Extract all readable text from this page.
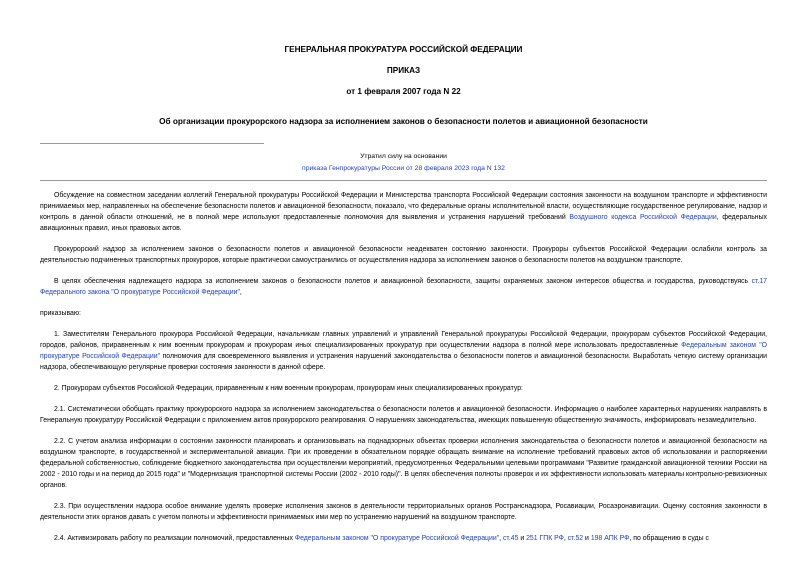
ГЕНЕРАЛЬНАЯ ПРОКУРАТУРА РОССИЙСКОЙ ФЕДЕРАЦИИ
ПРИКАЗ
от 1 февраля 2007 года N 22
Об организации прокурорского надзора за исполнением законов о безопасности полетов и авиационной безопасности
Утратил силу на основании
приказа Генпрокуратуры России от 28 февраля 2023 года N 132

Обсуждение на совместном заседании коллегий Генеральной прокуратуры Российской Федерации и Министерства транспорта Российской Федерации состояния законности на воздушном транспорте и эффективности принимаемых мер, направленных на обеспечение безопасности полетов и авиационной безопасности, показало, что федеральные органы исполнительной власти, осуществляющие государственное регулирование, надзор и контроль в данной области отношений, не в полной мере используют предоставленные полномочия для выявления и устранения нарушений требований Воздушного кодекса Российской Федерации, федеральных авиационных правил, иных правовых актов.

Прокурорский надзор за исполнением законов о безопасности полетов и авиационной безопасности неадекватен состоянию законности. Прокуроры субъектов Российской Федерации ослабили контроль за деятельностью подчиненных транспортных прокуроров, которые практически самоустранились от осуществления надзора за исполнением законов о безопасности полетов на воздушном транспорте.

В целях обеспечения надлежащего надзора за исполнением законов о безопасности полетов и авиационной безопасности, защиты охраняемых законом интересов общества и государства, руководствуясь ст.17 Федерального закона "О прокуратуре Российской Федерации",

приказываю:

1. Заместителям Генерального прокурора Российской Федерации, начальникам главных управлений и управлений Генеральной прокуратуры Российской Федерации, прокурорам субъектов Российской Федерации, городов, районов, приравненным к ним военным прокурорам и прокурорам иных специализированных прокуратур при осуществлении надзора в полной мере использовать предоставленные Федеральным законом "О прокуратуре Российской Федерации" полномочия для своевременного выявления и устранения нарушений законодательства о безопасности полетов и авиационной безопасности. Выработать четкую систему организации надзора, обеспечивающую регулярные проверки состояния законности в данной сфере.

2. Прокурорам субъектов Российской Федерации, приравненным к ним военным прокурорам, прокурорам иных специализированных прокуратур:

2.1. Систематически обобщать практику прокурорского надзора за исполнением законодательства о безопасности полетов и авиационной безопасности. Информацию о наиболее характерных нарушениях направлять в Генеральную прокуратуру Российской Федерации с приложением актов прокурорского реагирования. О нарушениях законодательства, имеющих повышенную общественную значимость, информировать незамедлительно.

2.2. С учетом анализа информации о состоянии законности планировать и организовывать на поднадзорных объектах проверки исполнения законодательства о безопасности полетов и авиационной безопасности на воздушном транспорте, в государственной и экспериментальной авиации. При их проведении в обязательном порядке обращать внимание на исполнение требований правовых актов об использовании и распоряжении федеральной собственностью, соблюдение бюджетного законодательства при осуществлении мероприятий, предусмотренных Федеральными целевыми программами "Развитие гражданской авиационной техники России на 2002 - 2010 годы и на период до 2015 года" и "Модернизация транспортной системы России (2002 - 2010 годы)". В целях обеспечения полноты проверок и их эффективности использовать материалы контрольно-ревизионных органов.

2.3. При осуществлении надзора особое внимание уделять проверке исполнения законов в деятельности территориальных органов Ространснадзора, Росавиации, Росаэронавигации. Оценку состояния законности в деятельности этих органов давать с учетом полноты и эффективности принимаемых ими мер по устранению нарушений на воздушном транспорте.

2.4. Активизировать работу по реализации полномочий, предоставленных Федеральным законом "О прокуратуре Российской Федерации", ст.45 и 251 ГПК РФ, ст.52 и 198 АПК РФ, по обращению в суды с
